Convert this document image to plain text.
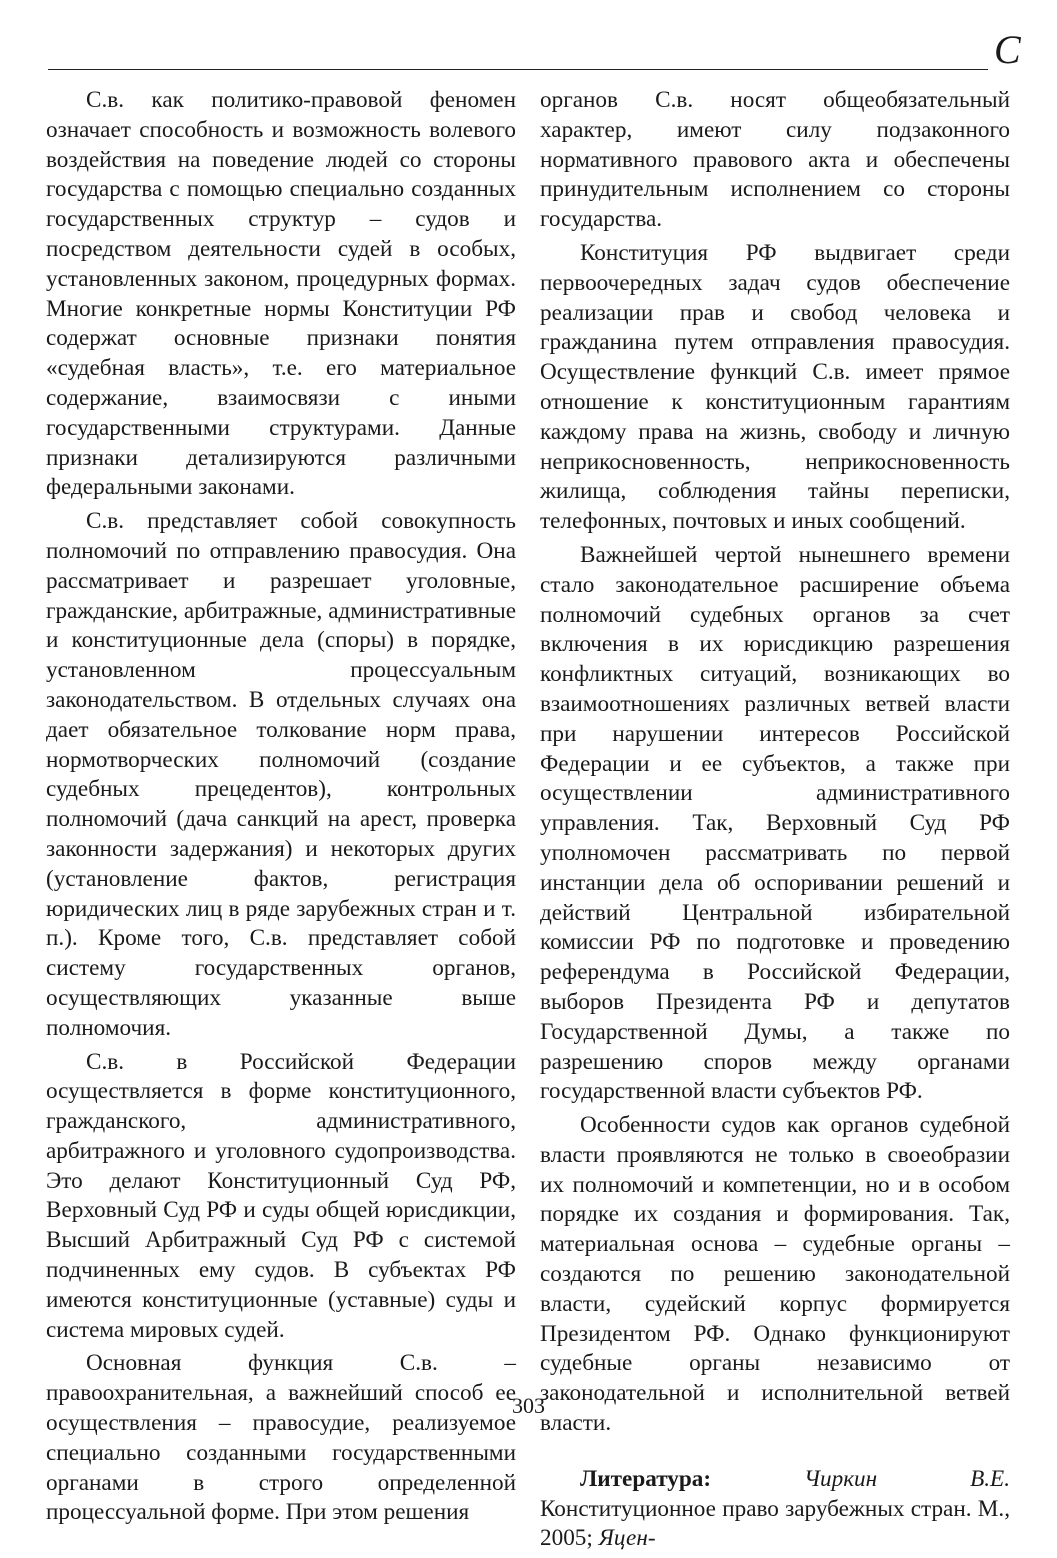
C

С.в. как политико-правовой феномен означает способность и возможность волевого воздействия на поведение людей со стороны государства с помощью специально созданных государственных структур – судов и посредством деятельности судей в особых, установленных законом, процедурных формах. Многие конкретные нормы Конституции РФ содержат основные признаки понятия «судебная власть», т.е. его материальное содержание, взаимосвязи с иными государственными структурами. Данные признаки детализируются различными федеральными законами.

С.в. представляет собой совокупность полномочий по отправлению правосудия. Она рассматривает и разрешает уголовные, гражданские, арбитражные, административные и конституционные дела (споры) в порядке, установленном процессуальным законодательством. В отдельных случаях она дает обязательное толкование норм права, нормотворческих полномочий (создание судебных прецедентов), контрольных полномочий (дача санкций на арест, проверка законности задержания) и некоторых других (установление фактов, регистрация юридических лиц в ряде зарубежных стран и т. п.). Кроме того, С.в. представляет собой систему государственных органов, осуществляющих указанные выше полномочия.

С.в. в Российской Федерации осуществляется в форме конституционного, гражданского, административного, арбитражного и уголовного судопроизводства. Это делают Конституционный Суд РФ, Верховный Суд РФ и суды общей юрисдикции, Высший Арбитражный Суд РФ с системой подчиненных ему судов. В субъектах РФ имеются конституционные (уставные) суды и система мировых судей.

Основная функция С.в. – правоохранительная, а важнейший способ ее осуществления – правосудие, реализуемое специально созданными государственными органами в строго определенной процессуальной форме. При этом решения

органов С.в. носят общеобязательный характер, имеют силу подзаконного нормативного правового акта и обеспечены принудительным исполнением со стороны государства.

Конституция РФ выдвигает среди первоочередных задач судов обеспечение реализации прав и свобод человека и гражданина путем отправления правосудия. Осуществление функций С.в. имеет прямое отношение к конституционным гарантиям каждому права на жизнь, свободу и личную неприкосновенность, неприкосновенность жилища, соблюдения тайны переписки, телефонных, почтовых и иных сообщений.

Важнейшей чертой нынешнего времени стало законодательное расширение объема полномочий судебных органов за счет включения в их юрисдикцию разрешения конфликтных ситуаций, возникающих во взаимоотношениях различных ветвей власти при нарушении интересов Российской Федерации и ее субъектов, а также при осуществлении административного управления. Так, Верховный Суд РФ уполномочен рассматривать по первой инстанции дела об оспоривании решений и действий Центральной избирательной комиссии РФ по подготовке и проведению референдума в Российской Федерации, выборов Президента РФ и депутатов Государственной Думы, а также по разрешению споров между органами государственной власти субъектов РФ.

Особенности судов как органов судебной власти проявляются не только в своеобразии их полномочий и компетенции, но и в особом порядке их создания и формирования. Так, материальная основа – судебные органы – создаются по решению законодательной власти, судейский корпус формируется Президентом РФ. Однако функционируют судебные органы независимо от законодательной и исполнительной ветвей власти.

Литература:	Чиркин В.Е. Конституционное право зарубежных стран. М., 2005; Яцен-

303
